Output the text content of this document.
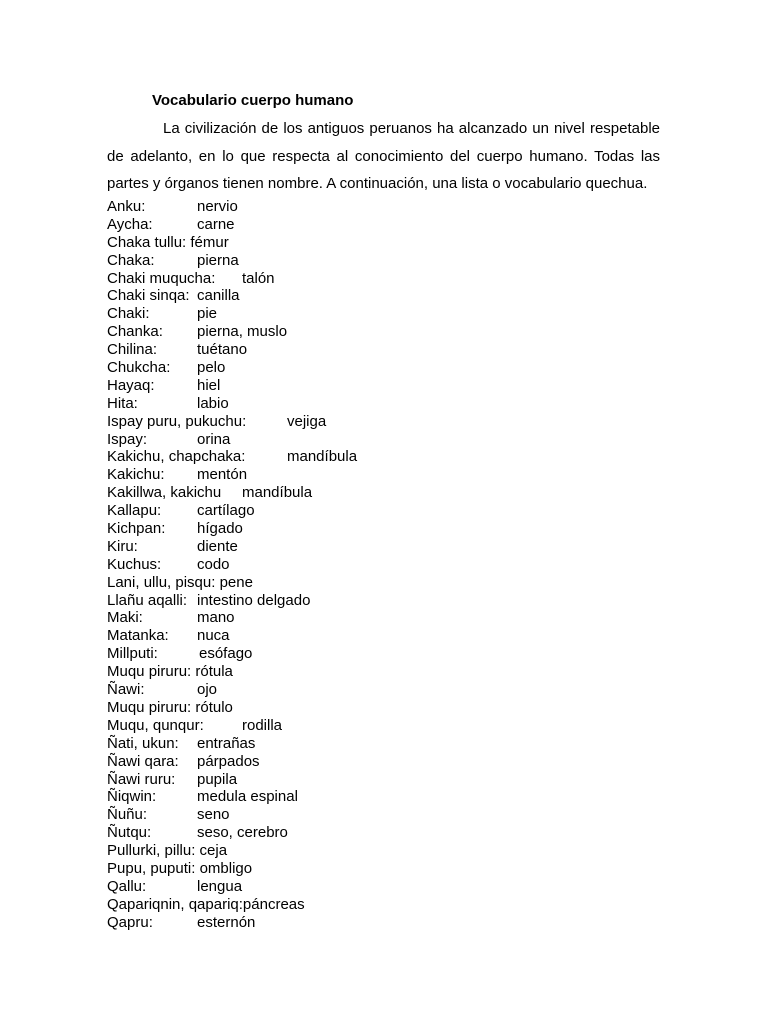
Vocabulario cuerpo humano

La civilización de los antiguos peruanos ha alcanzado un nivel respetable de adelanto, en lo que respecta al conocimiento del cuerpo humano. Todas las partes y órganos tienen nombre. A continuación, una lista o vocabulario quechua.

Anku:	nervio
Aycha:	carne
Chaka tullu: fémur
Chaka:	pierna
Chaki muqucha: talón
Chaki sinqa: canilla
Chaki:	pie
Chanka: pierna, muslo
Chilina:	tuétano
Chukcha: pelo
Hayaq:	hiel
Hita:	labio
Ispay puru, pukuchu:	vejiga
Ispay:	orina
Kakichu, chapchaka:	mandíbula
Kakichu: mentón
Kakillwa, kakichu mandíbula
Kallapu: cartílago
Kichpan: hígado
Kiru:	diente
Kuchus: codo
Lani, ullu, pisqu: pene
Llañu aqalli: intestino delgado
Maki:	mano
Matanka: nuca
Millputi:	esófago
Muqu piruru: rótula
Ñawi:	ojo
Muqu piruru: rótulo
Muqu, qunqur:	rodilla
Ñati, ukun: entrañas
Ñawi qara: párpados
Ñawi ruru: pupila
Ñiqwin:	medula espinal
Ñuñu:	seno
Ñutqu:	seso, cerebro
Pullurki, pillu: ceja
Pupu, puputi: ombligo
Qallu:	lengua
Qapariqnin, qapariq:páncreas
Qapru:	esternón
